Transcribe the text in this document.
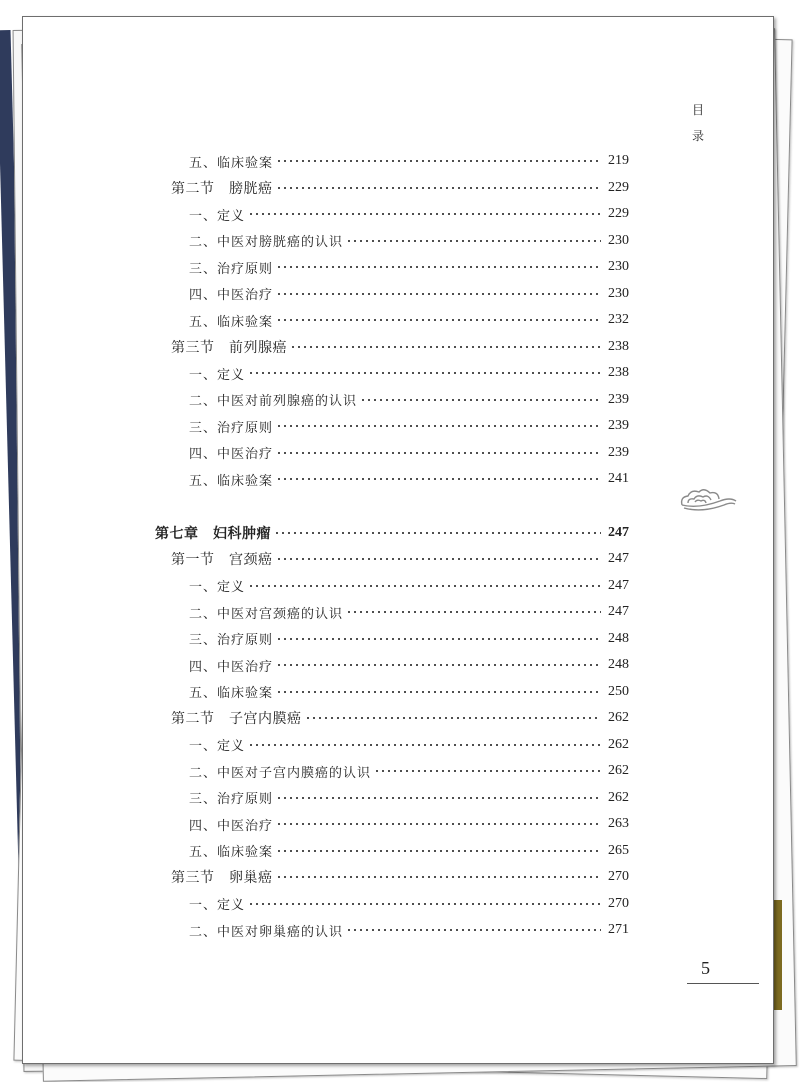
目
录
五、临床验案	219
第二节　膀胱癌	229
一、定义	229
二、中医对膀胱癌的认识	230
三、治疗原则	230
四、中医治疗	230
五、临床验案	232
第三节　前列腺癌	238
一、定义	238
二、中医对前列腺癌的认识	239
三、治疗原则	239
四、中医治疗	239
五、临床验案	241
第七章　妇科肿瘤	247
第一节　宫颈癌	247
一、定义	247
二、中医对宫颈癌的认识	247
三、治疗原则	248
四、中医治疗	248
五、临床验案	250
第二节　子宫内膜癌	262
一、定义	262
二、中医对子宫内膜癌的认识	262
三、治疗原则	262
四、中医治疗	263
五、临床验案	265
第三节　卵巢癌	270
一、定义	270
二、中医对卵巢癌的认识	271
5
